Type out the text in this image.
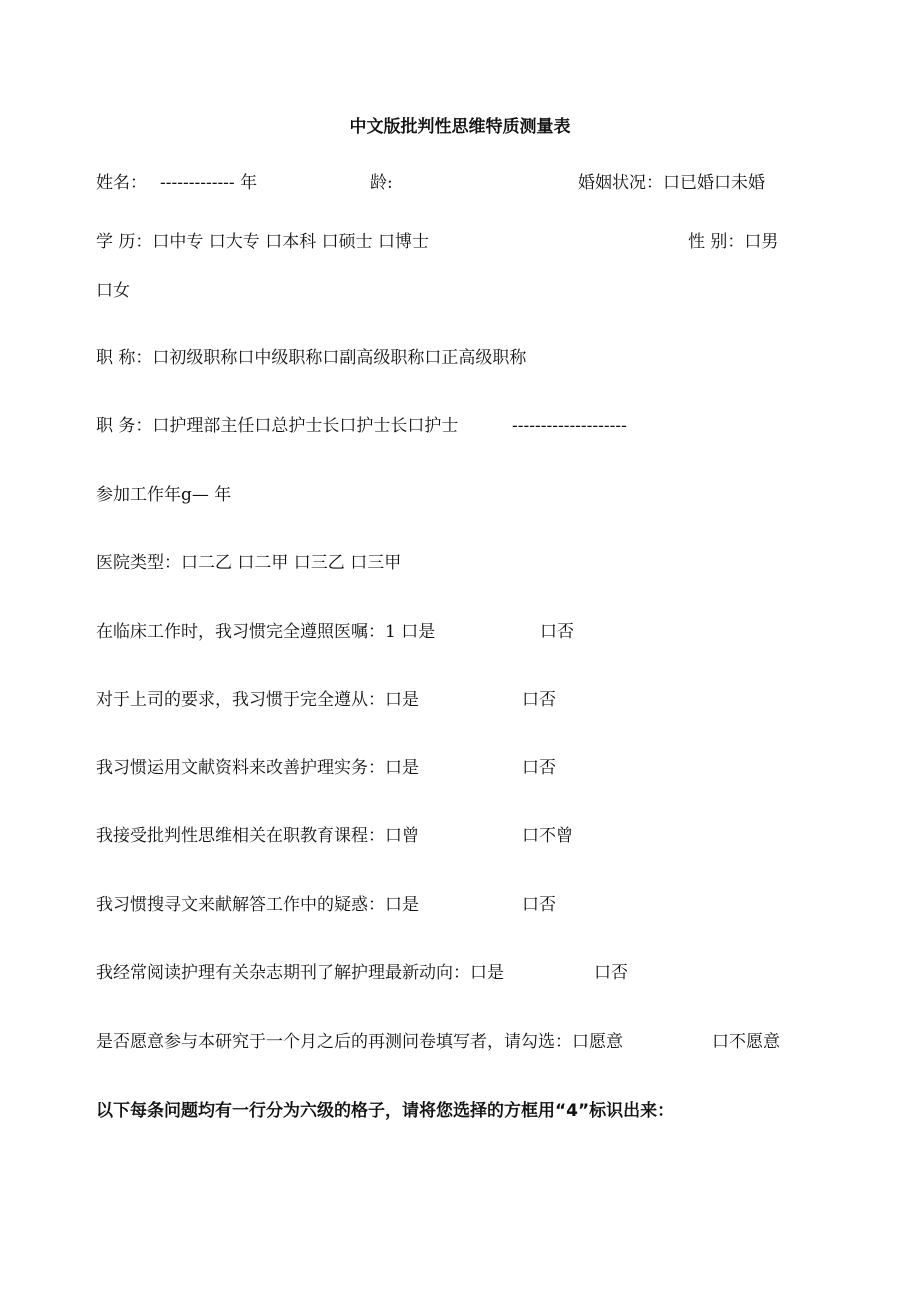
中文版批判性思维特质测量表
姓名： ------------- 年	龄:	婚姻状况：口已婚口未婚
学 历：口中专 口大专 口本科 口硕士 口博士	性 别：口男
口女
职 称：口初级职称口中级职称口副高级职称口正高级职称
职 务：口护理部主任口总护士长口护士长口护士	--------------------
参加工作年g— 年
医院类型：口二乙 口二甲 口三乙 口三甲
在临床工作时，我习惯完全遵照医嘱：1 口是	口否
对于上司的要求，我习惯于完全遵从：口是	口否
我习惯运用文献资料来改善护理实务：口是	口否
我接受批判性思维相关在职教育课程：口曾	口不曾
我习惯搜寻文来献解答工作中的疑惑：口是	口否
我经常阅读护理有关杂志期刊了解护理最新动向：口是	口否
是否愿意参与本研究于一个月之后的再测问卷填写者，请勾选：口愿意	口不愿意
以下每条问题均有一行分为六级的格子，请将您选择的方框用“4”标识出来：
